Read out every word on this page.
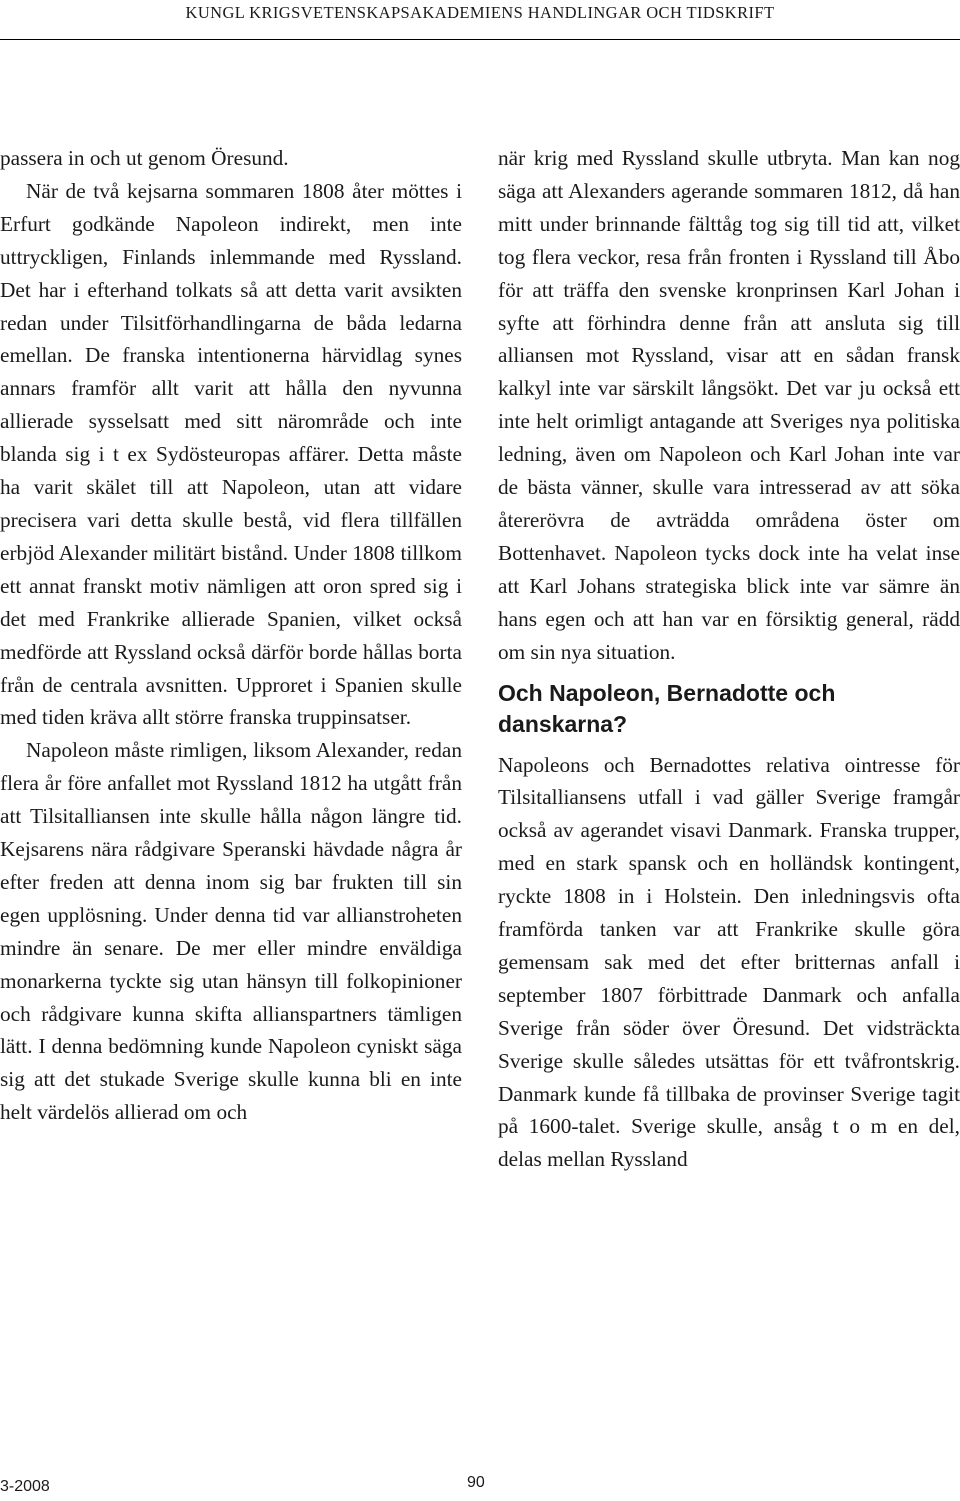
KUNGL KRIGSVETENSKAPSAKADEMIENS HANDLINGAR OCH TIDSKRIFT

passera in och ut genom Öresund.

När de två kejsarna sommaren 1808 åter möttes i Erfurt godkände Napoleon indirekt, men inte uttryckligen, Finlands inlemmande med Ryssland. Det har i efterhand tolkats så att detta varit avsikten redan under Tilsitförhandlingarna de båda ledarna emellan. De franska intentionerna härvidlag synes annars framför allt varit att hålla den nyvunna allierade sysselsatt med sitt närområde och inte blanda sig i t ex Sydösteuropas affärer. Detta måste ha varit skälet till att Napoleon, utan att vidare precisera vari detta skulle bestå, vid flera tillfällen erbjöd Alexander militärt bistånd. Under 1808 tillkom ett annat franskt motiv nämligen att oron spred sig i det med Frankrike allierade Spanien, vilket också medförde att Ryssland också därför borde hållas borta från de centrala avsnitten. Upproret i Spanien skulle med tiden kräva allt större franska truppinsatser.

Napoleon måste rimligen, liksom Alexander, redan flera år före anfallet mot Ryssland 1812 ha utgått från att Tilsitalliansen inte skulle hålla någon längre tid. Kejsarens nära rådgivare Speranski hävdade några år efter freden att denna inom sig bar frukten till sin egen upplösning. Under denna tid var allianstroheten mindre än senare. De mer eller mindre enväldiga monarkerna tyckte sig utan hänsyn till folkopinioner och rådgivare kunna skifta allianspartners tämligen lätt. I denna bedömning kunde Napoleon cyniskt säga sig att det stukade Sverige skulle kunna bli en inte helt värdelös allierad om och

när krig med Ryssland skulle utbryta. Man kan nog säga att Alexanders agerande sommaren 1812, då han mitt under brinnande fälttåg tog sig till tid att, vilket tog flera veckor, resa från fronten i Ryssland till Åbo för att träffa den svenske kronprinsen Karl Johan i syfte att förhindra denne från att ansluta sig till alliansen mot Ryssland, visar att en sådan fransk kalkyl inte var särskilt långsökt. Det var ju också ett inte helt orimligt antagande att Sveriges nya politiska ledning, även om Napoleon och Karl Johan inte var de bästa vänner, skulle vara intresserad av att söka återerövra de avträdda områdena öster om Bottenhavet. Napoleon tycks dock inte ha velat inse att Karl Johans strategiska blick inte var sämre än hans egen och att han var en försiktig general, rädd om sin nya situation.

Och Napoleon, Bernadotte och danskarna?

Napoleons och Bernadottes relativa ointresse för Tilsitalliansens utfall i vad gäller Sverige framgår också av agerandet visavi Danmark. Franska trupper, med en stark spansk och en holländsk kontingent, ryckte 1808 in i Holstein. Den inledningsvis ofta framförda tanken var att Frankrike skulle göra gemensam sak med det efter britternas anfall i september 1807 förbittrade Danmark och anfalla Sverige från söder över Öresund. Det vidsträckta Sverige skulle således utsättas för ett tvåfrontskrig. Danmark kunde få tillbaka de provinser Sverige tagit på 1600-talet. Sverige skulle, ansåg t o m en del, delas mellan Ryssland

3-2008	90
